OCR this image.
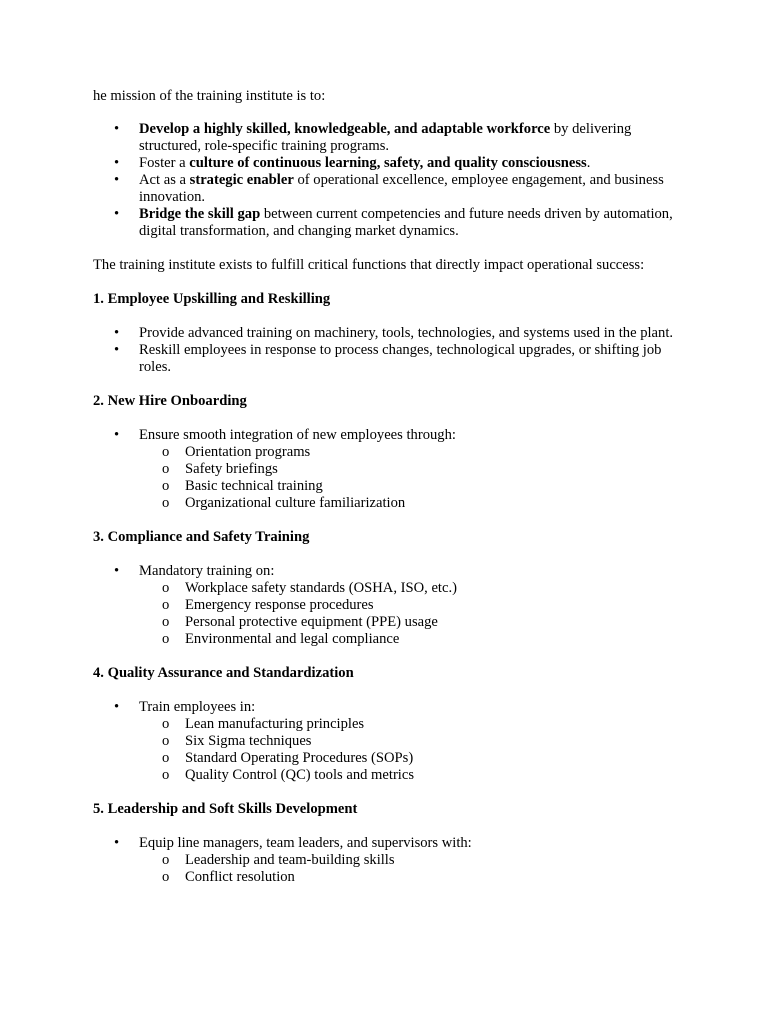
he mission of the training institute is to:

• Develop a highly skilled, knowledgeable, and adaptable workforce by delivering structured, role-specific training programs.
• Foster a culture of continuous learning, safety, and quality consciousness.
• Act as a strategic enabler of operational excellence, employee engagement, and business innovation.
• Bridge the skill gap between current competencies and future needs driven by automation, digital transformation, and changing market dynamics.

The training institute exists to fulfill critical functions that directly impact operational success:

1. Employee Upskilling and Reskilling

• Provide advanced training on machinery, tools, technologies, and systems used in the plant.
• Reskill employees in response to process changes, technological upgrades, or shifting job roles.

2. New Hire Onboarding

• Ensure smooth integration of new employees through:
o Orientation programs
o Safety briefings
o Basic technical training
o Organizational culture familiarization

3. Compliance and Safety Training

• Mandatory training on:
o Workplace safety standards (OSHA, ISO, etc.)
o Emergency response procedures
o Personal protective equipment (PPE) usage
o Environmental and legal compliance

4. Quality Assurance and Standardization

• Train employees in:
o Lean manufacturing principles
o Six Sigma techniques
o Standard Operating Procedures (SOPs)
o Quality Control (QC) tools and metrics

5. Leadership and Soft Skills Development

• Equip line managers, team leaders, and supervisors with:
o Leadership and team-building skills
o Conflict resolution
